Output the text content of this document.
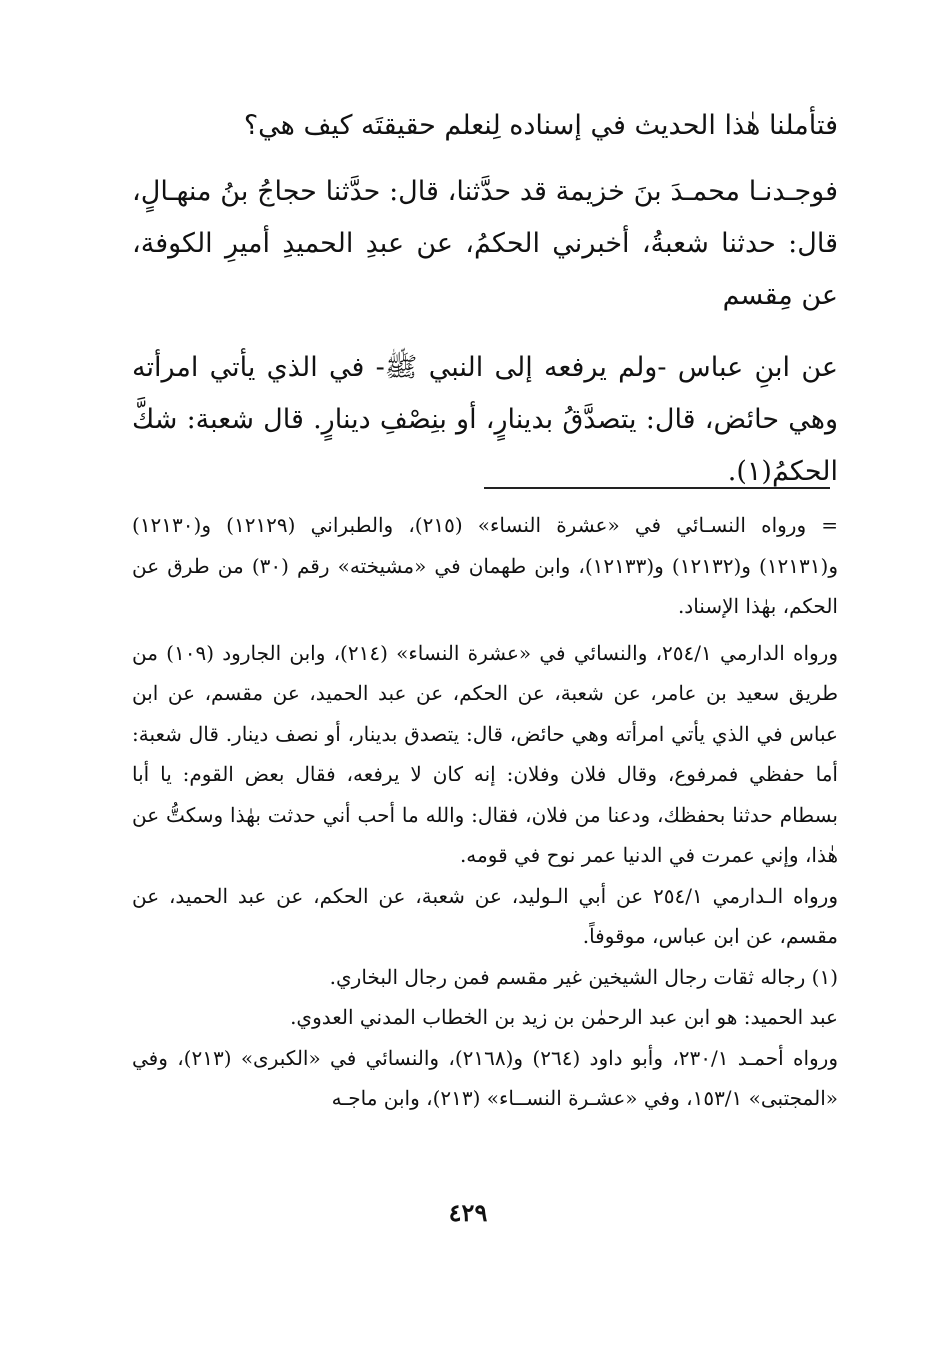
فتأملنا هٰذا الحديث في إسناده لِنعلم حقيقتَه كيف هي؟

فوجـدنـا محمـدَ بنَ خزيمة قد حدَّثنا، قال: حدَّثنا حجاجُ بنُ منهـالٍ، قال: حدثنا شعبةُ، أخبرني الحكمُ، عن عبدِ الحميدِ أميرِ الكوفة، عن مِقسم

عن ابنِ عباس -ولم يرفعه إلى النبي ﷺ- في الذي يأتي امرأته وهي حائض، قال: يتصدَّقُ بدينارٍ، أو بنِصْفِ دينارٍ. قال شعبة: شكَّ الحكمُ(١).

= ورواه النسـائي في «عشرة النساء» (٢١٥)، والطبراني (١٢١٢٩) و(١٢١٣٠) و(١٢١٣١) و(١٢١٣٢) و(١٢١٣٣)، وابن طهمان في «مشيخته» رقم (٣٠) من طرق عن الحكم، بهٰذا الإسناد.

ورواه الدارمي ٢٥٤/١، والنسائي في «عشرة النساء» (٢١٤)، وابن الجارود (١٠٩) من طريق سعيد بن عامر، عن شعبة، عن الحكم، عن عبد الحميد، عن مقسم، عن ابن عباس في الذي يأتي امرأته وهي حائض، قال: يتصدق بدينار، أو نصف دينار. قال شعبة: أما حفظي فمرفوع، وقال فلان وفلان: إنه كان لا يرفعه، فقال بعض القوم: يا أبا بسطام حدثنا بحفظك، ودعنا من فلان، فقال: والله ما أحب أني حدثت بهٰذا وسكتُّ عن هٰذا، وإني عمرت في الدنيا عمر نوح في قومه.

ورواه الـدارمي ٢٥٤/١ عن أبي الـوليد، عن شعبة، عن الحكم، عن عبد الحميد، عن مقسم، عن ابن عباس، موقوفاً.

(١) رجاله ثقات رجال الشيخين غير مقسم فمن رجال البخاري.

عبد الحميد: هو ابن عبد الرحمٰن بن زيد بن الخطاب المدني العدوي.

ورواه أحمـد ٢٣٠/١، وأبو داود (٢٦٤) و(٢١٦٨)، والنسائي في «الكبرى» (٢١٣)، وفي «المجتبى» ١٥٣/١، وفي «عشـرة النســاء» (٢١٣)، وابن ماجـه

٤٢٩
